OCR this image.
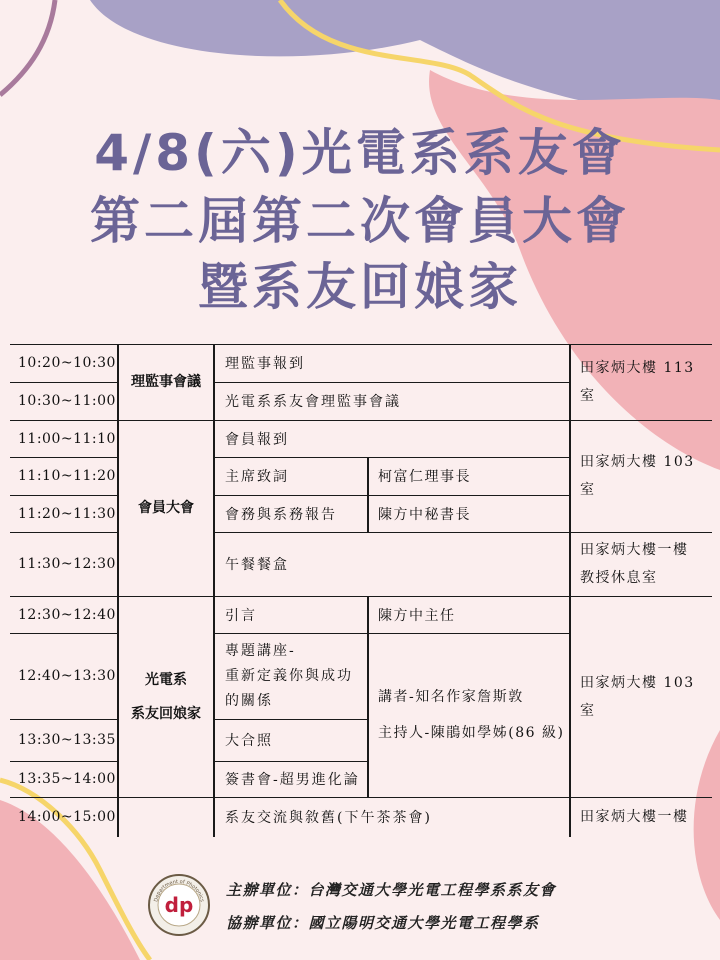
4/8(六)光電系系友會
第二屆第二次會員大會
暨系友回娘家
10:20~10:30
10:30~11:00
11:00~11:10
11:10~11:20
11:20~11:30
11:30~12:30
12:30~12:40
12:40~13:30
13:30~13:35
13:35~14:00
14:00~15:00
理監事會議
會員大會
光電系
系友回娘家
理監事報到
光電系系友會理監事會議
會員報到
主席致詞
會務與系務報告
午餐餐盒
引言
專題講座-
重新定義你與成功
的關係
大合照
簽書會-超男進化論
系友交流與敘舊(下午茶茶會)
柯富仁理事長
陳方中秘書長
陳方中主任
講者-知名作家詹斯敦
主持人-陳鵑如學姊(86 級)
田家炳大樓 113 室
田家炳大樓 103 室
田家炳大樓一樓
教授休息室
田家炳大樓 103 室
田家炳大樓一樓
dp
Department of Photonics
主辦單位：台灣交通大學光電工程學系系友會
協辦單位：國立陽明交通大學光電工程學系
